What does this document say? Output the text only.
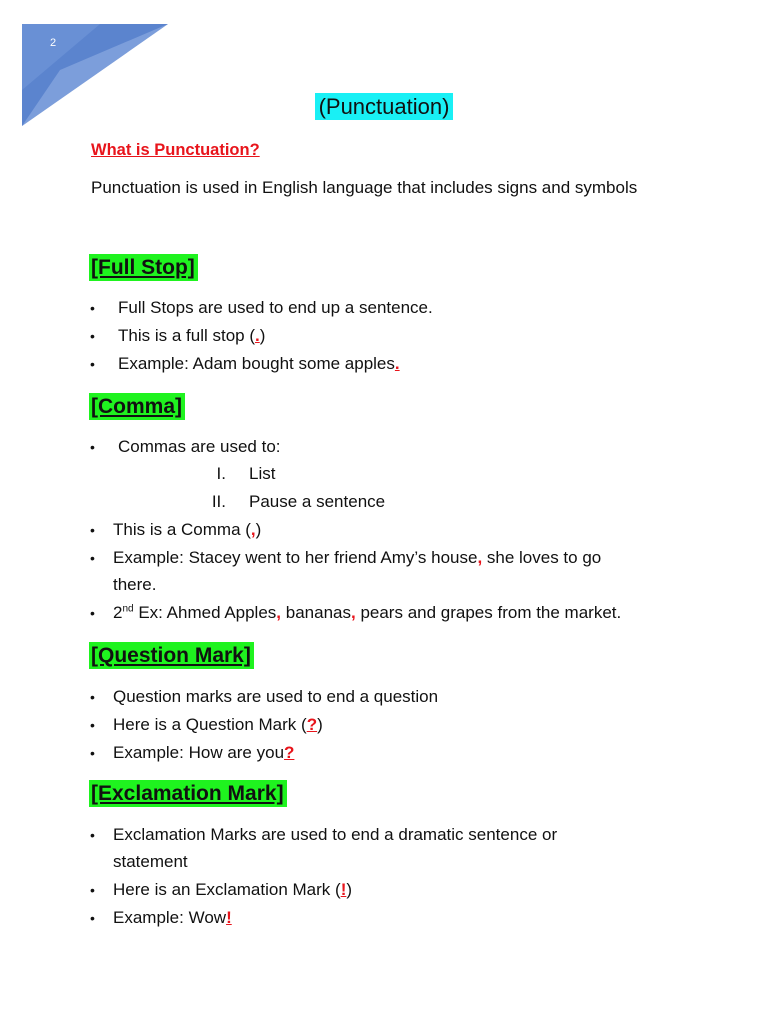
2
(Punctuation)
What is Punctuation?
Punctuation is used in English language that includes signs and symbols
[Full Stop]
• Full Stops are used to end up a sentence.
• This is a full stop (.)
• Example: Adam bought some apples.
[Comma]
• Commas are used to:
I. List
II. Pause a sentence
• This is a Comma (,)
• Example: Stacey went to her friend Amy’s house, she loves to go
there.
• 2nd Ex: Ahmed Apples, bananas, pears and grapes from the market.
[Question Mark]
• Question marks are used to end a question
• Here is a Question Mark (?)
• Example: How are you?
[Exclamation Mark]
• Exclamation Marks are used to end a dramatic sentence or
statement
• Here is an Exclamation Mark (!)
• Example: Wow!
